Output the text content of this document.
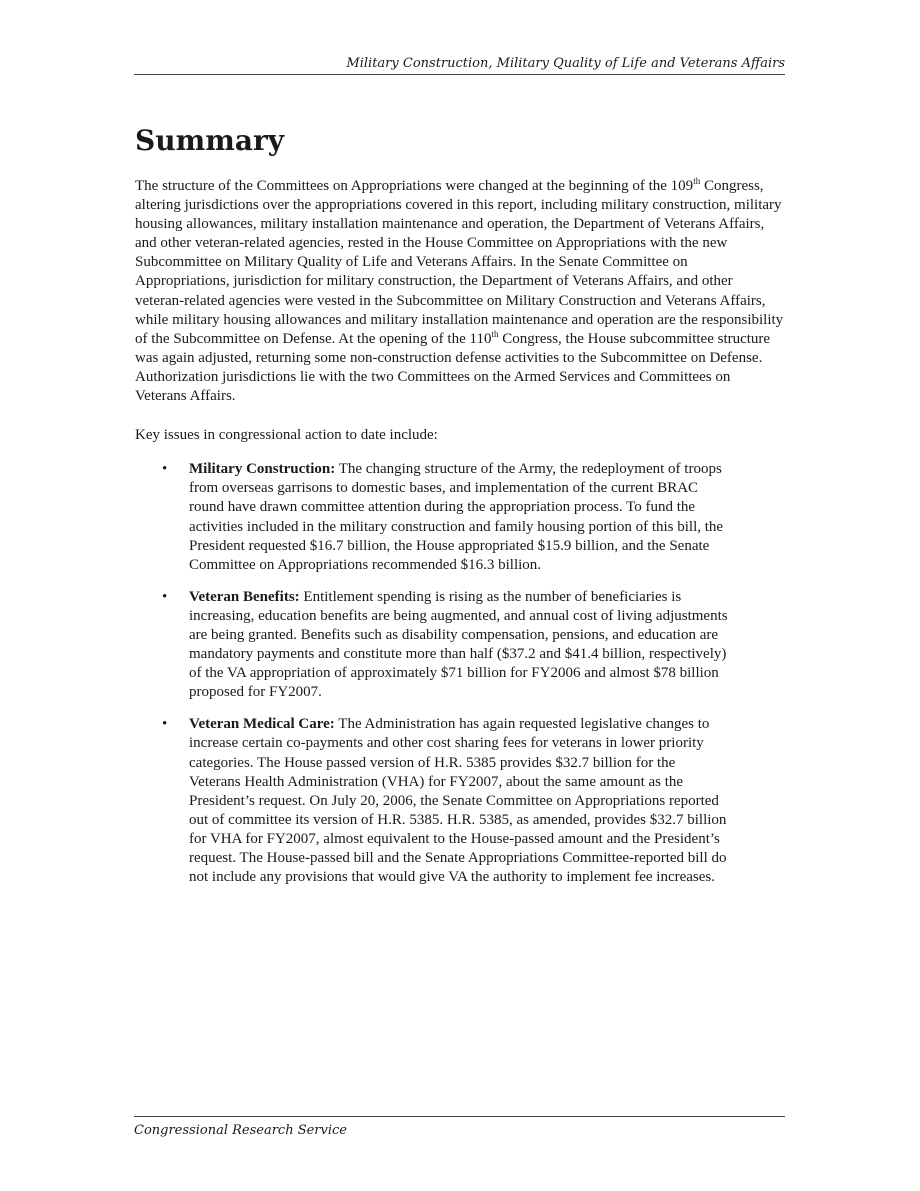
Military Construction, Military Quality of Life and Veterans Affairs
Summary

The structure of the Committees on Appropriations were changed at the beginning of the 109th Congress, altering jurisdictions over the appropriations covered in this report, including military construction, military housing allowances, military installation maintenance and operation, the Department of Veterans Affairs, and other veteran-related agencies, rested in the House Committee on Appropriations with the new Subcommittee on Military Quality of Life and Veterans Affairs. In the Senate Committee on Appropriations, jurisdiction for military construction, the Department of Veterans Affairs, and other veteran-related agencies were vested in the Subcommittee on Military Construction and Veterans Affairs, while military housing allowances and military installation maintenance and operation are the responsibility of the Subcommittee on Defense. At the opening of the 110th Congress, the House subcommittee structure was again adjusted, returning some non-construction defense activities to the Subcommittee on Defense. Authorization jurisdictions lie with the two Committees on the Armed Services and Committees on Veterans Affairs.

Key issues in congressional action to date include:

• Military Construction: The changing structure of the Army, the redeployment of troops from overseas garrisons to domestic bases, and implementation of the current BRAC round have drawn committee attention during the appropriation process. To fund the activities included in the military construction and family housing portion of this bill, the President requested $16.7 billion, the House appropriated $15.9 billion, and the Senate Committee on Appropriations recommended $16.3 billion.
• Veteran Benefits: Entitlement spending is rising as the number of beneficiaries is increasing, education benefits are being augmented, and annual cost of living adjustments are being granted. Benefits such as disability compensation, pensions, and education are mandatory payments and constitute more than half ($37.2 and $41.4 billion, respectively) of the VA appropriation of approximately $71 billion for FY2006 and almost $78 billion proposed for FY2007.
• Veteran Medical Care: The Administration has again requested legislative changes to increase certain co-payments and other cost sharing fees for veterans in lower priority categories. The House passed version of H.R. 5385 provides $32.7 billion for the Veterans Health Administration (VHA) for FY2007, about the same amount as the President’s request. On July 20, 2006, the Senate Committee on Appropriations reported out of committee its version of H.R. 5385. H.R. 5385, as amended, provides $32.7 billion for VHA for FY2007, almost equivalent to the House-passed amount and the President’s request. The House-passed bill and the Senate Appropriations Committee-reported bill do not include any provisions that would give VA the authority to implement fee increases.
Congressional Research Service
